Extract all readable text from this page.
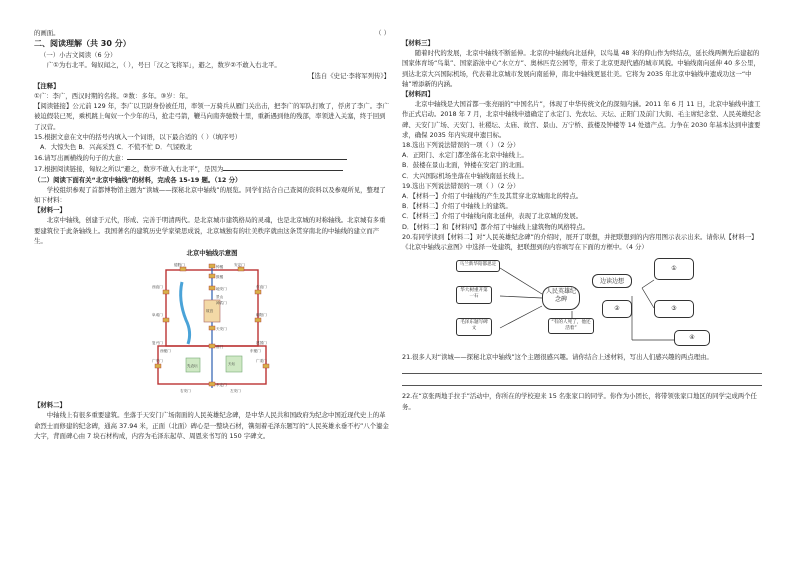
的画面。	（ ）

二、阅读理解（共 30 分）

（一）小古文阅读（6 分）

广①为右北平。匈奴闻之，（ ），号曰「汉之飞将军」，避之，数岁②不敢入右北平。

【选自《史记·李将军列传》】

【注释】

①广：李广，西汉时期的名将。②数：多年。③岁：年。

【阅读链接】公元前 129 年，李广以卫尉身份被任用，率领一万骑兵从雁门关出击，把李广的军队打败了，俘虏了李广。李广被迫假装已死，乘机跳上匈奴一个少年的马，抢走弓箭，鞭马向南奔驰数十里，重新遇到他的残部，率领进入关塞，终于回到了汉营。

15.根据文意在文中的括号内填入一个词语，以下最合适的（ ）（填序号）

A．大惊失色 B．兴高采烈 C．不慌不忙 D．气馁败北

16.请写出画横线的句子的大意：

17.根据阅读链接，匈奴之所以“避之，数岁不敢入右北平”，是因为

（二）阅读下面有关“北京中轴线”的材料，完成各 15-19 题。（12 分）

学校组织参观了首都博物馆主题为“读城——探秘北京中轴线”的展览。同学们结合自己查阅的资料以及参观所见，整理了如下材料：

【材料一】

北京中轴线，创建于元代，形成、完善于明清两代。是北京城市建筑格局的灵魂，也是北京城的对称轴线。北京城有多重要建筑位于此条轴线上。我国著名的建筑历史学家梁思成说，北京城独有的壮美秩序就由这条贯穿南北的中轴线的建立而产生。

北京中轴线示意图

钟楼
鼓楼
地安门
景山
神武门
故宫
天安门
前门
永定门
天坛
先农坛
西直门
德胜门	安定门
东直门
阜成门	朝阳门
复兴门	建国门
西便门	东便门
广安门	广渠门
右安门	左安门

【材料二】

中轴线上有很多重要建筑。坐落于天安门广场南面的人民英雄纪念碑，是中华人民共和国政府为纪念中国近现代史上的革命烈士而修建的纪念碑，通高 37.94 米，正面（北面）碑心是一整块石材，镌刻着毛泽东题写的“人民英雄永垂不朽”八个鎏金大字，背面碑心由 7 块石材构成，内容为毛泽东起草、周恩来书写的 150 字碑文。

【材料三】

随着时代的发展，北京中轴线不断延伸。北京的中轴线向北延伸，以鸟巢 48 米的仰山作为终结点，延长线两侧先后建起的国家体育场“鸟巢”、国家游泳中心“水立方”、奥林匹克公园等，带来了北京更现代感的城市风貌。中轴线南向延伸 40 多公里，到达北京大兴国际机场，代表着北京城市发展向南延伸，南北中轴线更显壮美。它将为 2035 年北京中轴线申遗成功这一“中轴”增添新的内涵。

【材料四】

北京中轴线是大国首都一张亮丽的“中国名片”，体现了中华传统文化的深刻内涵。2011 年 6 月 11 日，北京中轴线申遗工作正式启动。2018 年 7 月，北京中轴线申遗确定了永定门、先农坛、天坛、正阳门及前门大街、毛主席纪念堂、人民英雄纪念碑、天安门广场、天安门、社稷坛、太庙、故宫、景山、万宁桥、鼓楼及钟楼等 14 处遗产点。力争在 2030 年基本达到申遗要求，确保 2035 年内实现申遗目标。

18.选出下列说法错误的一项（ ）（2 分）

A．正阳门、永定门都坐落在北京中轴线上。

B．鼓楼在景山北面，钟楼在安定门的北面。

C．大兴国际机场坐落在中轴线南延长线上。

19.选出下列说法错误的一项（ ）（2 分）

A．【材料一】介绍了中轴线的产生及其贯穿北京城南北的特点。

B．【材料二】介绍了中轴线上的建筑。

C．【材料三】介绍了中轴线向南北延伸，表现了北京城的发展。

D．【材料二】和【材料四】都介绍了中轴线上建筑物的风格特点。

20.有同学读到【材料二】对“人民英雄纪念碑”的介绍时，展开了联想，并把联想到的内容用图示表示出来。请你从【材料一】《北京中轴线示意图》中选择一处建筑，把联想到的内容填写在下面的方框中。（4 分）

马兰新华陪都思定
华大树重开第一石
毛泽东题写碑文
人民英雄纪念碑
“有的人死了，他还活着”
边读边想
①
②	③
④

21.很多人对“读城——探秘北京中轴线”这个主题很感兴趣。请你结合上述材料，写出人们感兴趣的两点理由。

22.在“京张两地手拉手”活动中，你所在的学校迎来 15 名张家口的同学。你作为小团长，将带领张家口地区的同学完成两个任务。
